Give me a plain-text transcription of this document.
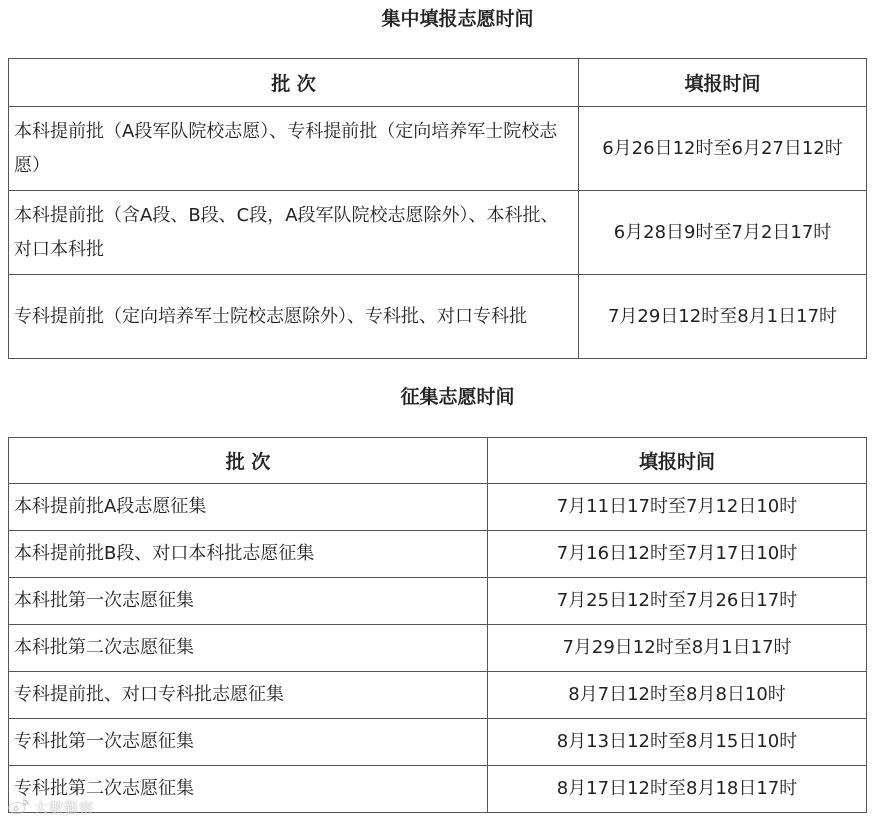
集中填报志愿时间
批 次	填报时间
本科提前批（A段军队院校志愿）、专科提前批（定向培养军士院校志愿）	6月26日12时至6月27日12时
本科提前批（含A段、B段、C段，A段军队院校志愿除外）、本科批、对口本科批	6月28日9时至7月2日17时
专科提前批（定向培养军士院校志愿除外）、专科批、对口专科批	7月29日12时至8月1日17时
征集志愿时间
批 次	填报时间
本科提前批A段志愿征集	7月11日17时至7月12日10时
本科提前批B段、对口本科批志愿征集	7月16日12时至7月17日10时
本科批第一次志愿征集	7月25日12时至7月26日17时
本科批第二次志愿征集	7月29日12时至8月1日17时
专科提前批、对口专科批志愿征集	8月7日12时至8月8日10时
专科批第一次志愿征集	8月13日12时至8月15日10时
专科批第二次志愿征集	8月17日12时至8月18日17时
大數觀察
